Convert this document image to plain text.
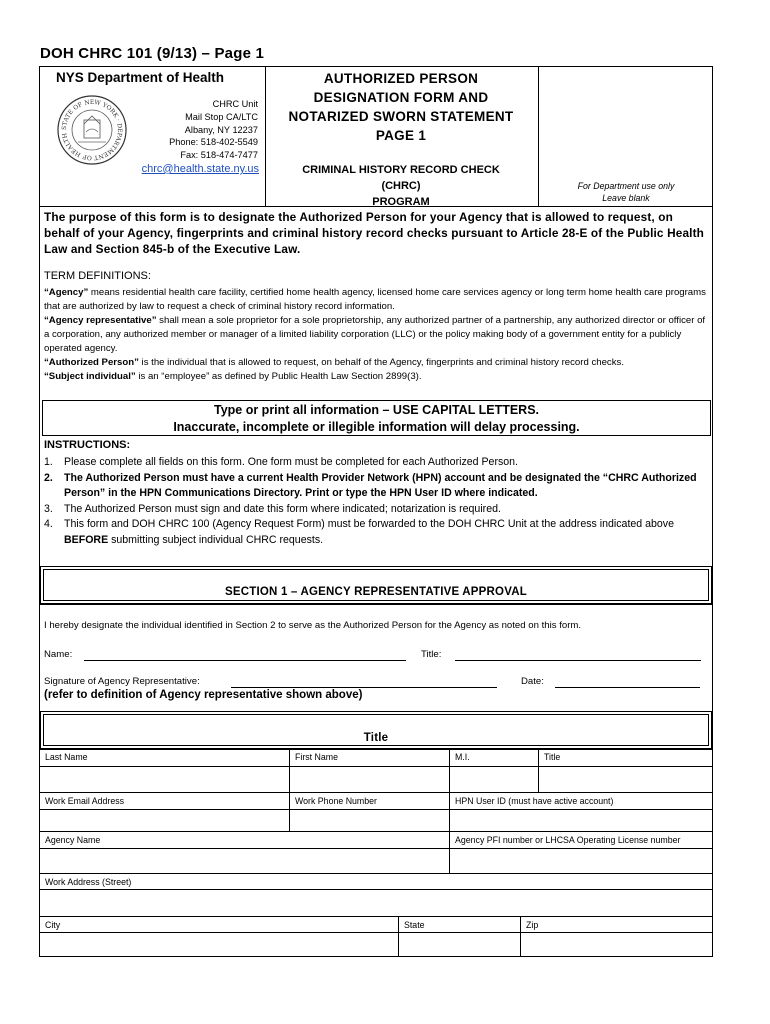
DOH CHRC 101 (9/13) – Page 1
NYS Department of Health
STATE OF NEW YORK · DEPARTMENT OF HEALTH
CHRC Unit
Mail Stop CA/LTC
Albany, NY 12237
Phone: 518-402-5549
Fax: 518-474-7477
chrc@health.state.ny.us
AUTHORIZED PERSON
DESIGNATION FORM AND
NOTARIZED SWORN STATEMENT
PAGE 1
CRIMINAL HISTORY RECORD CHECK
(CHRC)
PROGRAM
For Department use only
Leave blank
The purpose of this form is to designate the Authorized Person for your Agency that is allowed to request, on behalf of your Agency, fingerprints and criminal history record checks pursuant to Article 28-E of the Public Health Law and Section 845-b of the Executive Law.
TERM DEFINITIONS:
“Agency” means residential health care facility, certified home health agency, licensed home care services agency or long term home health care programs that are authorized by law to request a check of criminal history record information.
“Agency representative” shall mean a sole proprietor for a sole proprietorship, any authorized partner of a partnership, any authorized director or officer of a corporation, any authorized member or manager of a limited liability corporation (LLC) or the policy making body of a government entity for a publicly operated agency.
“Authorized Person” is the individual that is allowed to request, on behalf of the Agency, fingerprints and criminal history record checks.
“Subject individual” is an “employee” as defined by Public Health Law Section 2899(3).
Type or print all information – USE CAPITAL LETTERS.
Inaccurate, incomplete or illegible information will delay processing.
INSTRUCTIONS:
1. Please complete all fields on this form. One form must be completed for each Authorized Person.
2. The Authorized Person must have a current Health Provider Network (HPN) account and be designated the “CHRC Authorized Person” in the HPN Communications Directory. Print or type the HPN User ID where indicated.
3. The Authorized Person must sign and date this form where indicated; notarization is required.
4. This form and DOH CHRC 100 (Agency Request Form) must be forwarded to the DOH CHRC Unit at the address indicated above BEFORE submitting subject individual CHRC requests.
SECTION 1 – AGENCY REPRESENTATIVE APPROVAL
I hereby designate the individual identified in Section 2 to serve as the Authorized Person for the Agency as noted on this form.
Name:	Title:
Signature of Agency Representative:	Date:
(refer to definition of Agency representative shown above)
Title
Last Name	First Name	M.I.	Title
Work Email Address	Work Phone Number	HPN User ID (must have active account)
Agency Name	Agency PFI number or LHCSA Operating License number
Work Address (Street)
City	State	Zip
